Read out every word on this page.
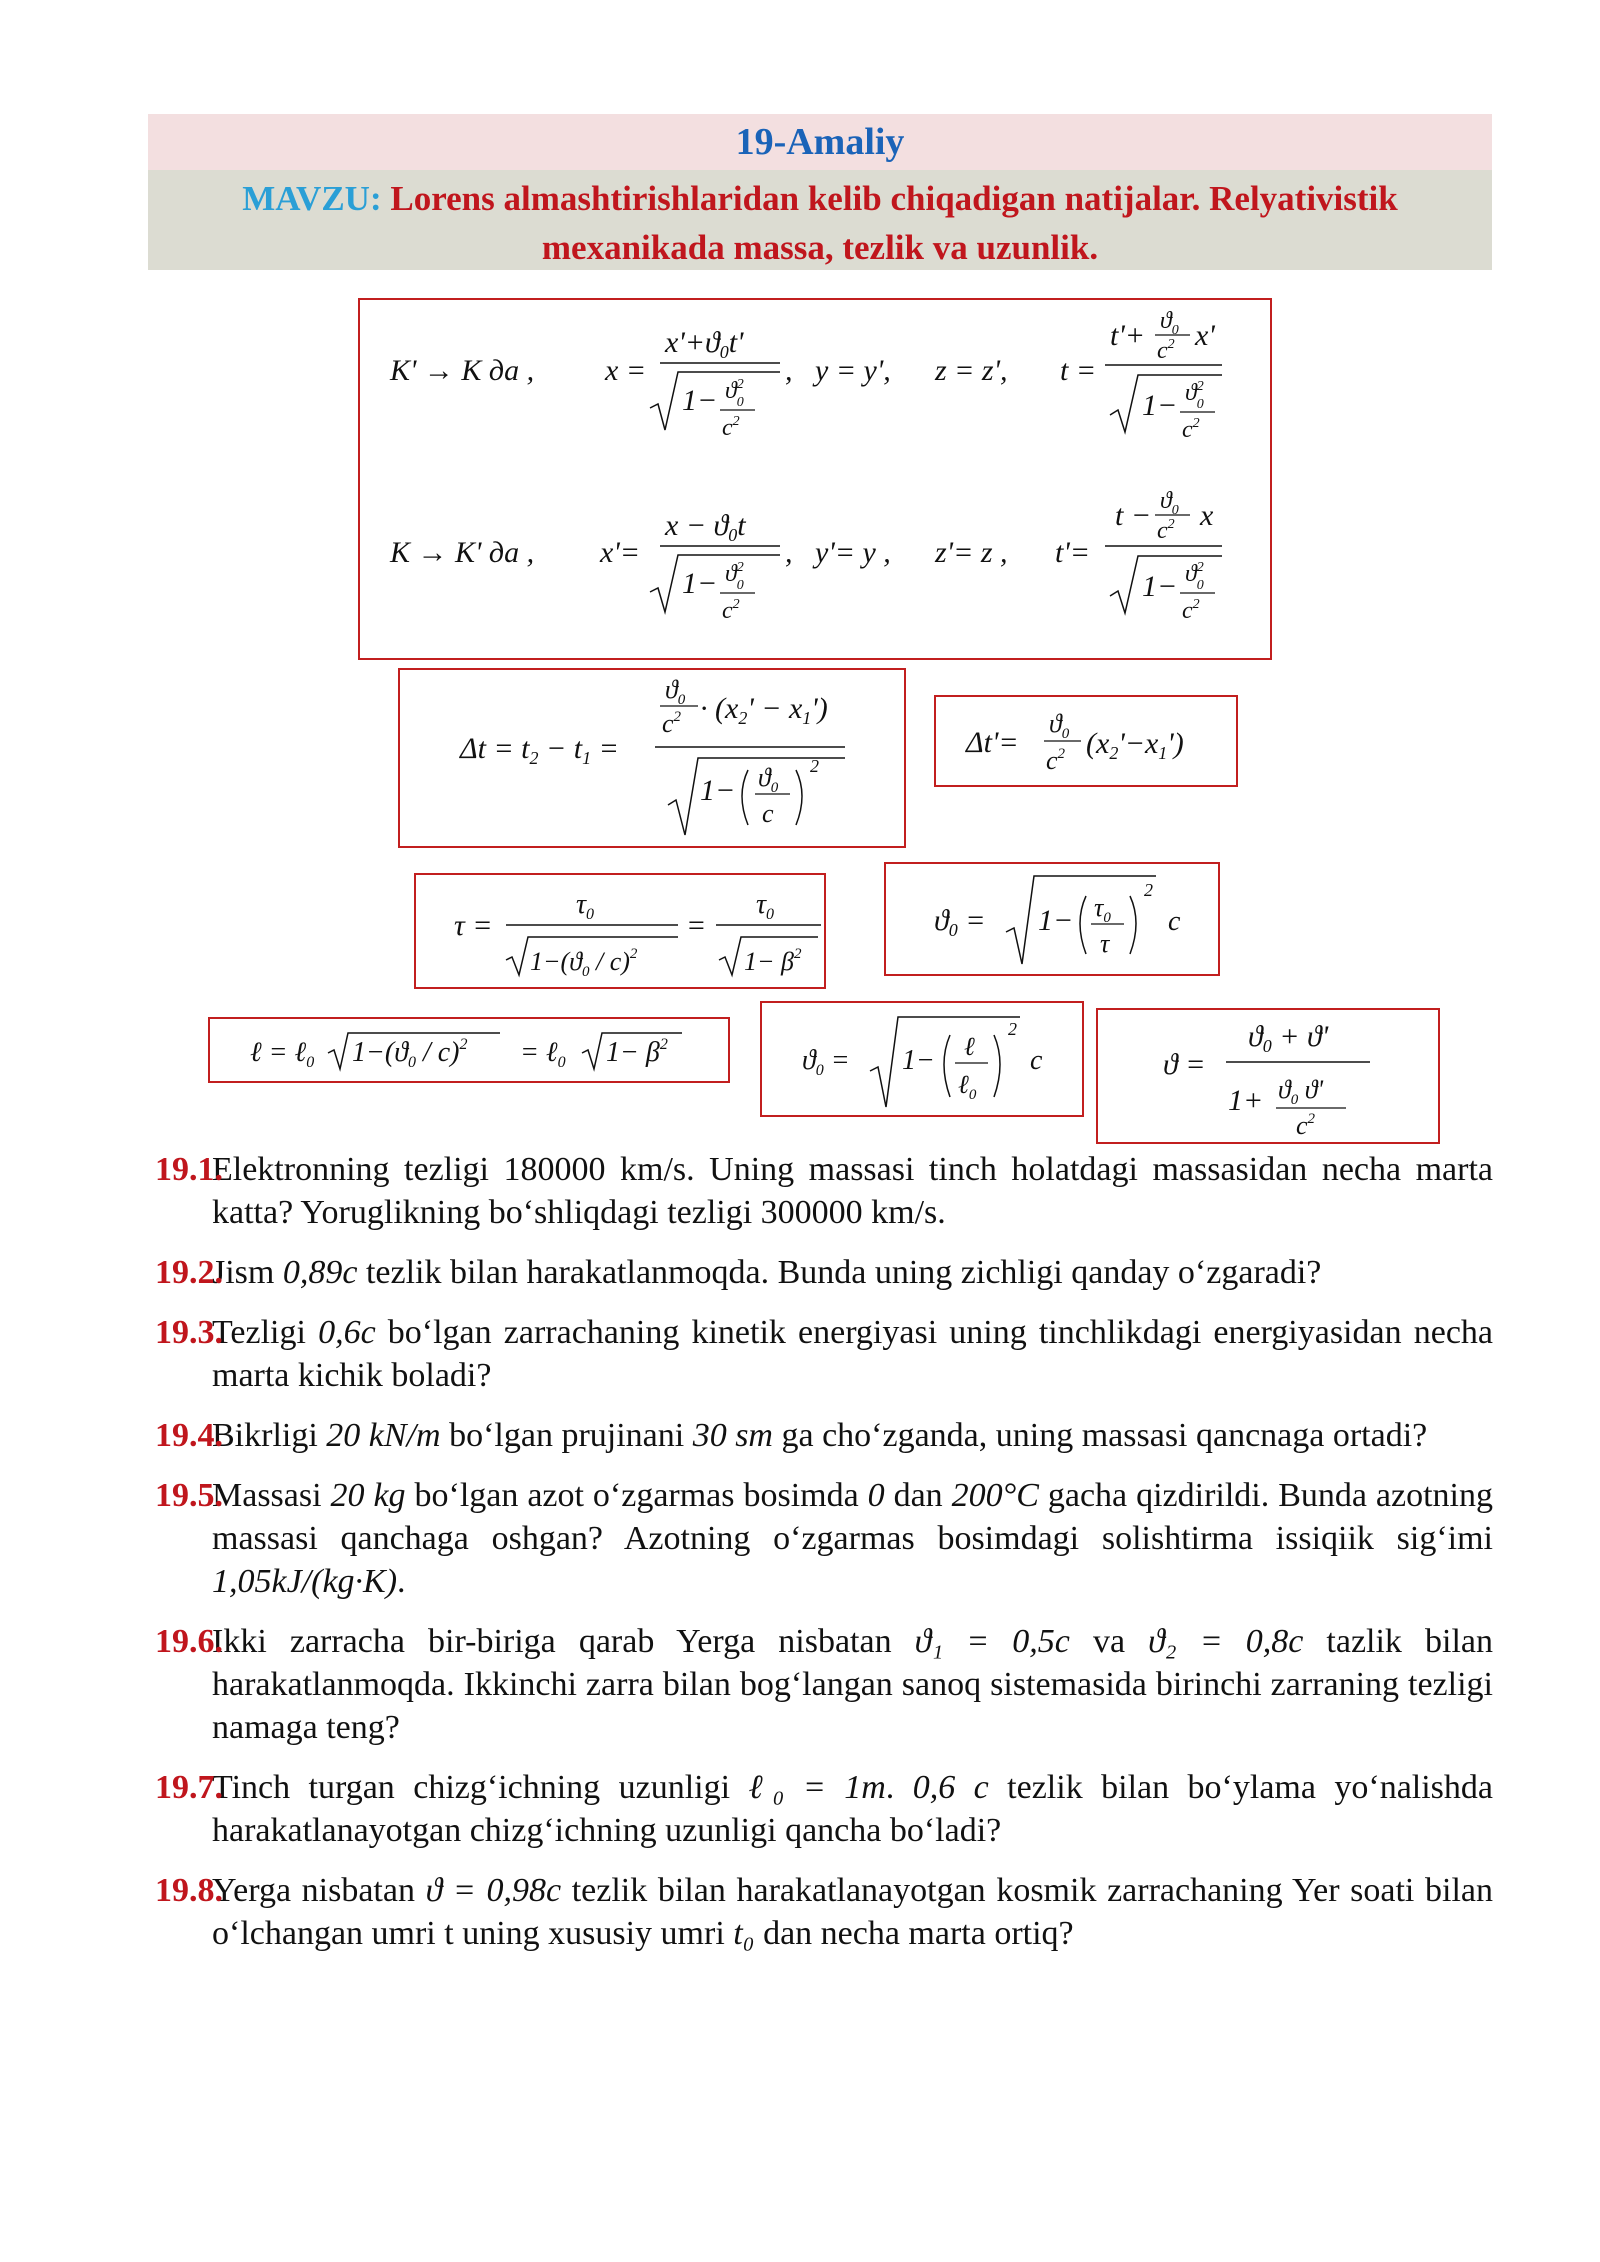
19-Amaliy
MAVZU: Lorens almashtirishlaridan kelib chiqadigan natijalar. Relyativistik mexanikada massa, tezlik va uzunlik.
K' → K да , x =
$x'+ϑ_0t'$
$1- ϑ^2$ 0
$c^2$
, y = y', z = z', t =
$t'+ ϑ_0$
$c^2$ x'
$1- ϑ^2$ 0
$c^2$
K → K' да , x'=
$x - ϑ_0t$
$1- ϑ^2$ 0
$c^2$
, y'= y , z'= z , t'=
$t - ϑ_0$
$c^2$ x
$1- ϑ^2$ 0
$c^2$
$\Delta t = t_2 - t_1$ =
$ϑ_0$
$c^2 \cdot (x_2' - x_1')$
$1- ϑ_0$
c
2
Δt'=
$ϑ_0$
$c^2$ $(x_2'-x_1')$
τ =
$\tau_0$
$1-(ϑ_0 / c)^2$
=
$\tau_0$
$1- \beta^2$
$ϑ_0 = 1- \tau_0$
τ
2
c
ℓ = ℓ$_0$ $1-(ϑ_0 / c)^2$ = ℓ$_0$ $1- \beta^2$
$ϑ_0 = 1-$ ℓ
ℓ$_0$
2
c	ϑ =
$ϑ_0 + ϑ'$
$1+ ϑ_0$ ϑ'
$c^2$
19.1.
Elektronning tezligi 180000 km/s. Uning massasi tinch holatdagi massasidan necha marta katta? Yoruglikning bo‘shliqdagi tezligi 300000 km/s.
19.2.
Jism 0,89c tezlik bilan harakatlanmoqda. Bunda uning zichligi qanday o‘zgaradi?
19.3.
Tezligi 0,6c bo‘lgan zarrachaning kinetik energiyasi uning tinchlikdagi energiyasidan necha marta kichik boladi?
19.4.
Bikrligi 20 kN/m bo‘lgan prujinani 30 sm ga cho‘zganda, uning massasi qancnaga ortadi?
19.5.
Massasi 20 kg bo‘lgan azot o‘zgarmas bosimda 0 dan 200°C gacha qizdirildi. Bunda azotning massasi qanchaga oshgan? Azotning o‘zgarmas bosimdagi solishtirma issiqiik sig‘imi 1,05kJ/(kg·K).
19.6.
Ikki zarracha bir-biriga qarab Yerga nisbatan ϑ₁ = 0,5c va ϑ₂ = 0,8c tazlik bilan harakatlanmoqda. Ikkinchi zarra bilan bog‘langan sanoq sistemasida birinchi zarraning tezligi namaga teng?
19.7.
Tinch turgan chizg‘ichning uzunligi ℓ₀ = 1m. 0,6 c tezlik bilan bo‘ylama yo‘nalishda harakatlanayotgan chizg‘ichning uzunligi qancha bo‘ladi?
19.8.
Yerga nisbatan ϑ = 0,98c tezlik bilan harakatlanayotgan kosmik zarrachaning Yer soati bilan o‘lchangan umri t uning xususiy umri t₀ dan necha marta ortiq?
